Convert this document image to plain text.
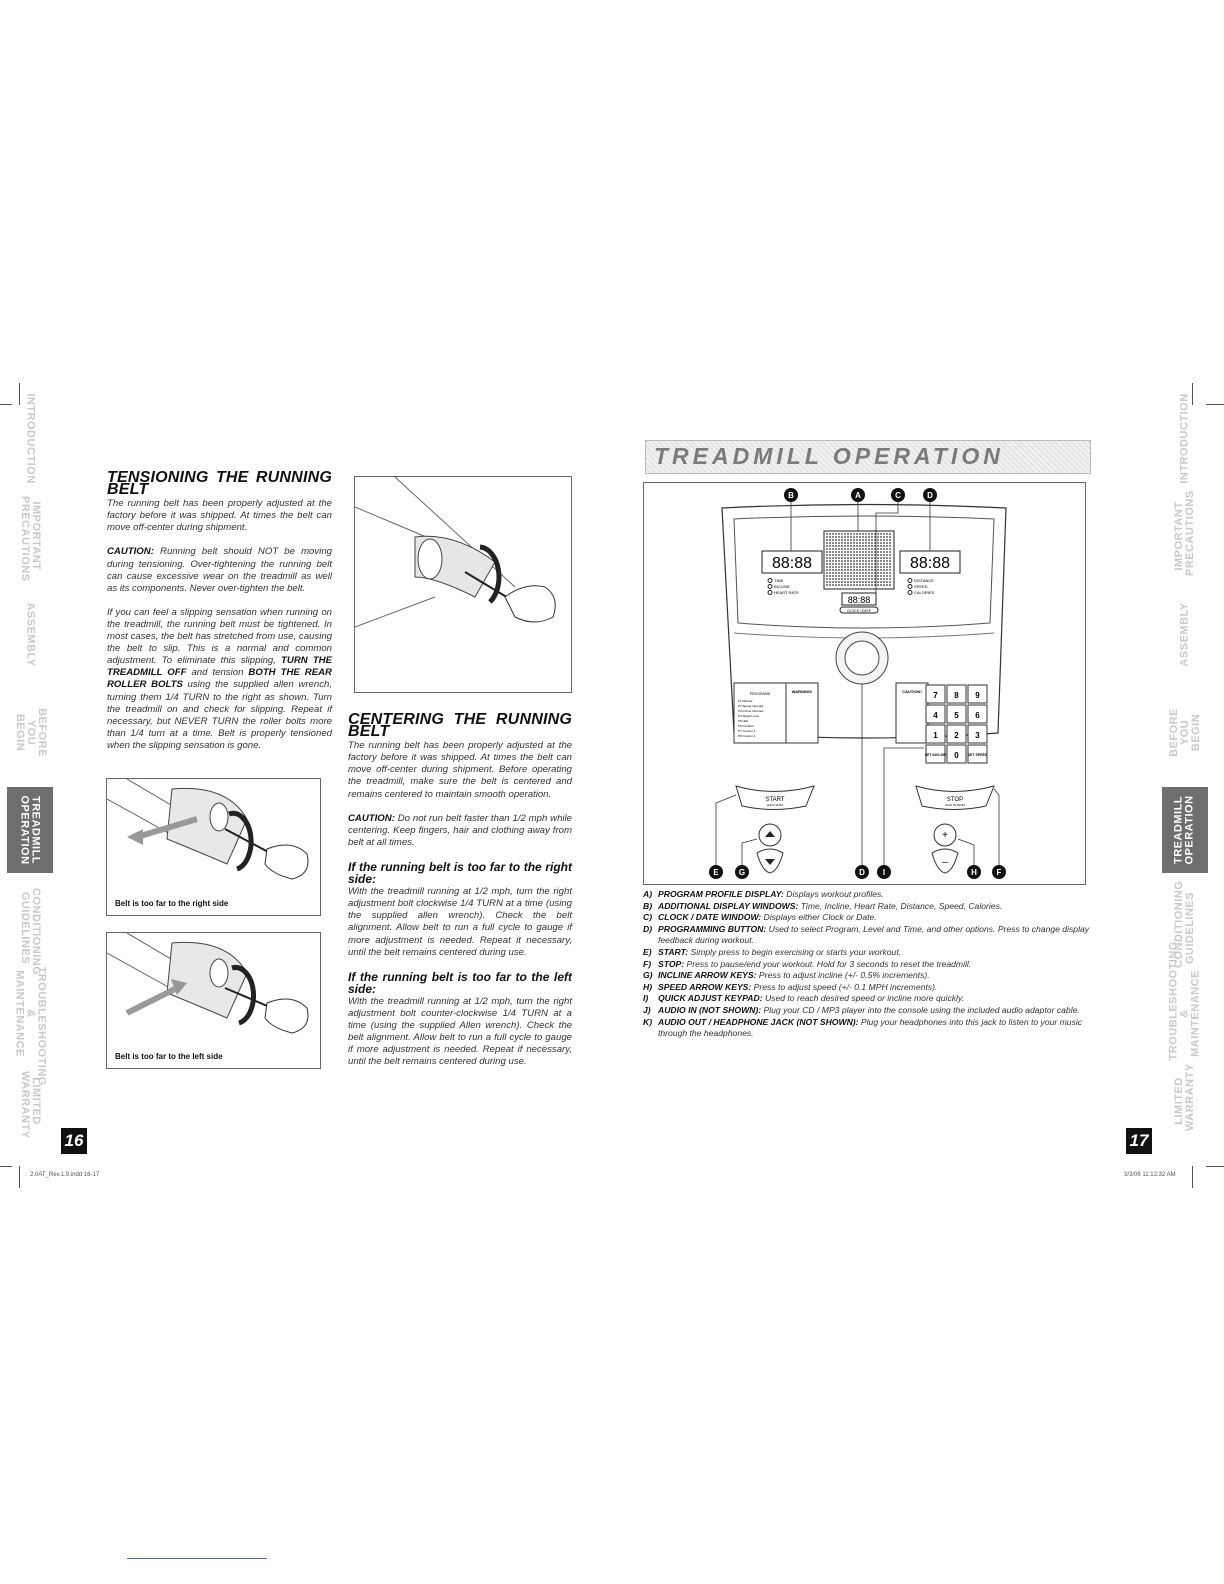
INTRODUCTION
IMPORTANT PRECAUTIONS
ASSEMBLY
BEFORE YOU BEGIN
TREADMILL OPERATION
CONDITIONING GUIDELINES
TROUBLESHOOTING & MAINTENANCE
LIMITED WARRANTY
16
2.0AT_Rev.1.9.indd 16-17
INTRODUCTION
IMPORTANT PRECAUTIONS
ASSEMBLY
BEFORE YOU BEGIN
TREADMILL OPERATION
CONDITIONING GUIDELINES
TROUBLESHOOTING & MAINTENANCE
LIMITED WARRANTY
17
3/3/06 11:12:32 AM
TENSIONING THE RUNNING BELT

The running belt has been properly adjusted at the factory before it was shipped. At times the belt can move off-center during shipment.

CAUTION: Running belt should NOT be moving during tensioning. Over-tightening the running belt can cause excessive wear on the treadmill as well as its components. Never over-tighten the belt.

If you can feel a slipping sensation when running on the treadmill, the running belt must be tightened. In most cases, the belt has stretched from use, causing the belt to slip. This is a normal and common adjustment. To eliminate this slipping, TURN THE TREADMILL OFF and tension BOTH THE REAR ROLLER BOLTS using the supplied allen wrench, turning them 1/4 TURN to the right as shown. Turn the treadmill on and check for slipping. Repeat if necessary, but NEVER TURN the roller bolts more than 1/4 turn at a time. Belt is properly tensioned when the slipping sensation is gone.

Belt is too far to the right side
Belt is too far to the left side
CENTERING THE RUNNING BELT

The running belt has been properly adjusted at the factory before it was shipped. At times the belt can move off-center during shipment. Before operating the treadmill, make sure the belt is centered and remains centered to maintain smooth operation.

CAUTION: Do not run belt faster than 1/2 mph while centering. Keep fingers, hair and clothing away from belt at all times.

If the running belt is too far to the right side:

With the treadmill running at 1/2 mph, turn the right adjustment bolt clockwise 1/4 TURN at a time (using the supplied allen wrench). Check the belt alignment. Allow belt to run a full cycle to gauge if more adjustment is needed. Repeat it necessary, until the belt remains centered during use.

If the running belt is too far to the left side:

With the treadmill running at 1/2 mph, turn the right adjustment bolt counter-clockwise 1/4 TURN at a time (using the supplied Allen wrench). Check the belt alignment. Allow belt to run a full cycle to gauge if more adjustment is needed. Repeat if necessary, until the belt remains centered during use.

TREADMILL OPERATION
88:88	88:88
TIME
INCLINE
HEART RATE
DISTANCE
SPEED
CALORIES
88:88
CLOCK / DATE
PROGRAMS
P1 Manual
P2 Speed Intervals
P3 Incline Intervals
P4 Weight Loss
P5 Hills
P6 Fat Burn
P7 Custom 1
P8 Custom 2
WARNING!	CAUTION! 7 8 9
4 5 6
1 2 3
SET INCLINE 0	SET SPEED
START
QUICK START
STOP
HOLD TO RESET
+
–
B	A	C	D
E	G	D I	H F
A) PROGRAM PROFILE DISPLAY: Displays workout profiles.
B) ADDITIONAL DISPLAY WINDOWS: Time, Incline, Heart Rate, Distance, Speed, Calories.
C) CLOCK / DATE WINDOW: Displays either Clock or Date.
D) PROGRAMMING BUTTON: Used to select Program, Level and Time, and other options. Press to change display feedback during workout.
E) START: Simply press to begin exercising or starts your workout.
F) STOP: Press to pause/end your workout. Hold for 3 seconds to reset the treadmill.
G) INCLINE ARROW KEYS: Press to adjust incline (+/- 0.5% increments).
H) SPEED ARROW KEYS: Press to adjust speed (+/- 0.1 MPH increments).
I)	QUICK ADJUST KEYPAD: Used to reach desired speed or incline more quickly.
J) AUDIO IN (NOT SHOWN): Plug your CD / MP3 player into the console using the included audio adaptor cable.
K) AUDIO OUT / HEADPHONE JACK (NOT SHOWN): Plug your headphones into this jack to listen to your music through the headphones.
